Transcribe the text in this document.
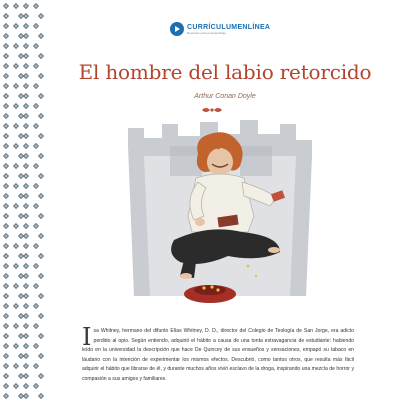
CURRÍCULUMENLÍNEA
Recursos para el aprendizaje
El hombre del labio retorcido
Arthur Conan Doyle

Isa Whitney, hermano del difunto Elías Whitney, D. D., director del Colegio de Teología de San Jorge, era adicto perdido al opio. Según entiendo, adquirió el hábito a causa de una tonta extravagancia de estudiante: habiendo leído en la universidad la descripción que hace De Quincey de sus ensueños y sensaciones, empapó su tabaco en láudano con la intención de experimentar los mismos efectos. Descubrió, como tantos otros, que resulta más fácil adquirir el hábito que librarse de él, y durante muchos años vivió esclavo de la droga, inspirando una mezcla de horror y compasión a sus amigos y familiares.
